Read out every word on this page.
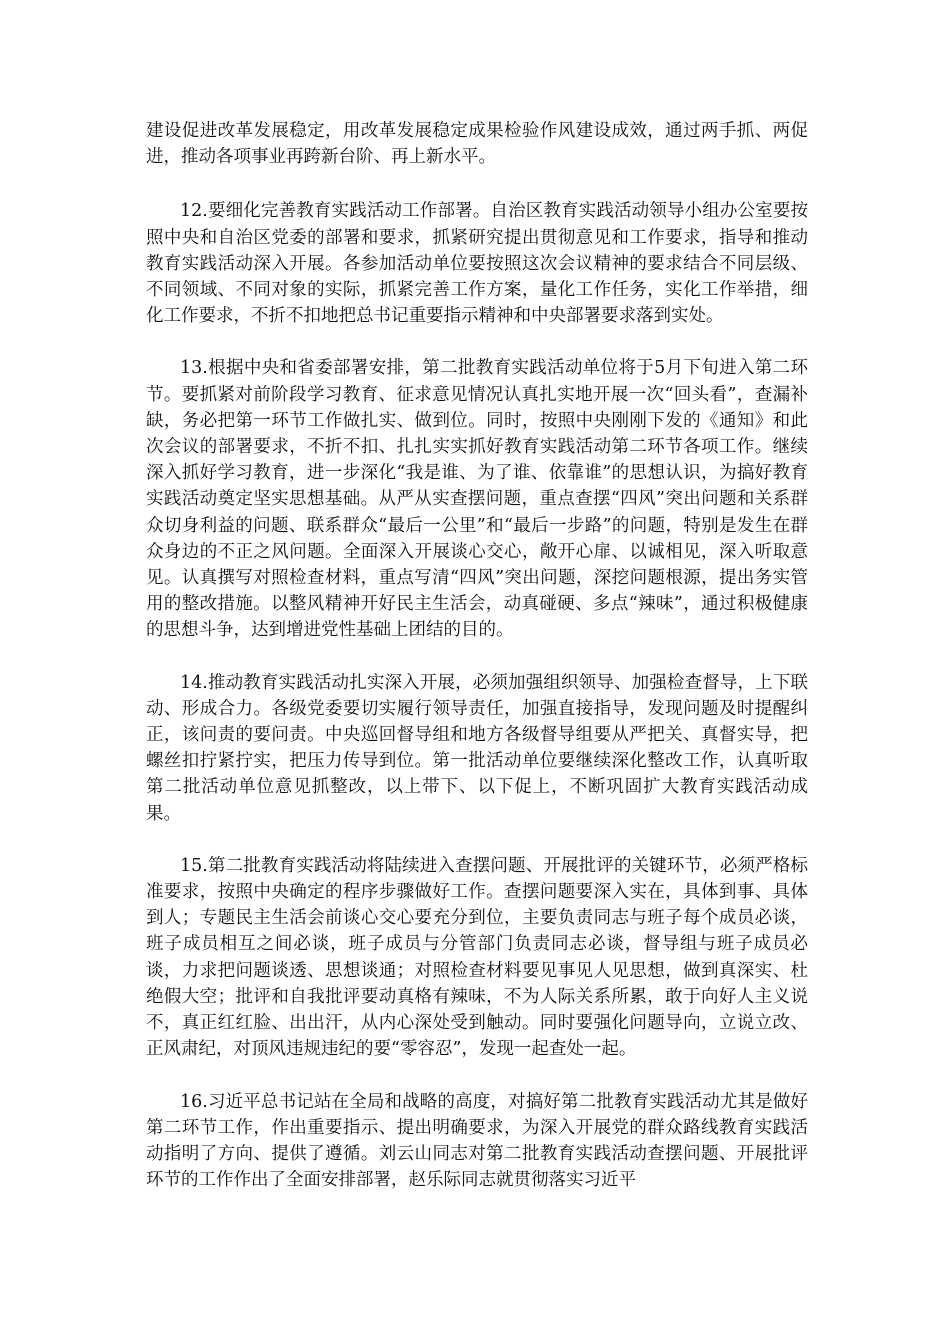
建设促进改革发展稳定，用改革发展稳定成果检验作风建设成效，通过两手抓、两促进，推动各项事业再跨新台阶、再上新水平。

12.要细化完善教育实践活动工作部署。自治区教育实践活动领导小组办公室要按照中央和自治区党委的部署和要求，抓紧研究提出贯彻意见和工作要求，指导和推动教育实践活动深入开展。各参加活动单位要按照这次会议精神的要求结合不同层级、不同领域、不同对象的实际，抓紧完善工作方案，量化工作任务，实化工作举措，细化工作要求，不折不扣地把总书记重要指示精神和中央部署要求落到实处。

13.根据中央和省委部署安排，第二批教育实践活动单位将于5月下旬进入第二环节。要抓紧对前阶段学习教育、征求意见情况认真扎实地开展一次“回头看”，查漏补缺，务必把第一环节工作做扎实、做到位。同时，按照中央刚刚下发的《通知》和此次会议的部署要求，不折不扣、扎扎实实抓好教育实践活动第二环节各项工作。继续深入抓好学习教育，进一步深化“我是谁、为了谁、依靠谁”的思想认识，为搞好教育实践活动奠定坚实思想基础。从严从实查摆问题，重点查摆“四风”突出问题和关系群众切身利益的问题、联系群众“最后一公里”和“最后一步路”的问题，特别是发生在群众身边的不正之风问题。全面深入开展谈心交心，敞开心扉、以诚相见，深入听取意见。认真撰写对照检查材料，重点写清“四风”突出问题，深挖问题根源，提出务实管用的整改措施。以整风精神开好民主生活会，动真碰硬、多点“辣味”，通过积极健康的思想斗争，达到增进党性基础上团结的目的。

14.推动教育实践活动扎实深入开展，必须加强组织领导、加强检查督导，上下联动、形成合力。各级党委要切实履行领导责任，加强直接指导，发现问题及时提醒纠正，该问责的要问责。中央巡回督导组和地方各级督导组要从严把关、真督实导，把螺丝扣拧紧拧实，把压力传导到位。第一批活动单位要继续深化整改工作，认真听取第二批活动单位意见抓整改，以上带下、以下促上，不断巩固扩大教育实践活动成果。

15.第二批教育实践活动将陆续进入查摆问题、开展批评的关键环节，必须严格标准要求，按照中央确定的程序步骤做好工作。查摆问题要深入实在，具体到事、具体到人；专题民主生活会前谈心交心要充分到位，主要负责同志与班子每个成员必谈，班子成员相互之间必谈，班子成员与分管部门负责同志必谈，督导组与班子成员必谈，力求把问题谈透、思想谈通；对照检查材料要见事见人见思想，做到真深实、杜绝假大空；批评和自我批评要动真格有辣味，不为人际关系所累，敢于向好人主义说不，真正红红脸、出出汗，从内心深处受到触动。同时要强化问题导向，立说立改、正风肃纪，对顶风违规违纪的要“零容忍”，发现一起查处一起。

16.习近平总书记站在全局和战略的高度，对搞好第二批教育实践活动尤其是做好第二环节工作，作出重要指示、提出明确要求，为深入开展党的群众路线教育实践活动指明了方向、提供了遵循。刘云山同志对第二批教育实践活动查摆问题、开展批评环节的工作作出了全面安排部署，赵乐际同志就贯彻落实习近平
